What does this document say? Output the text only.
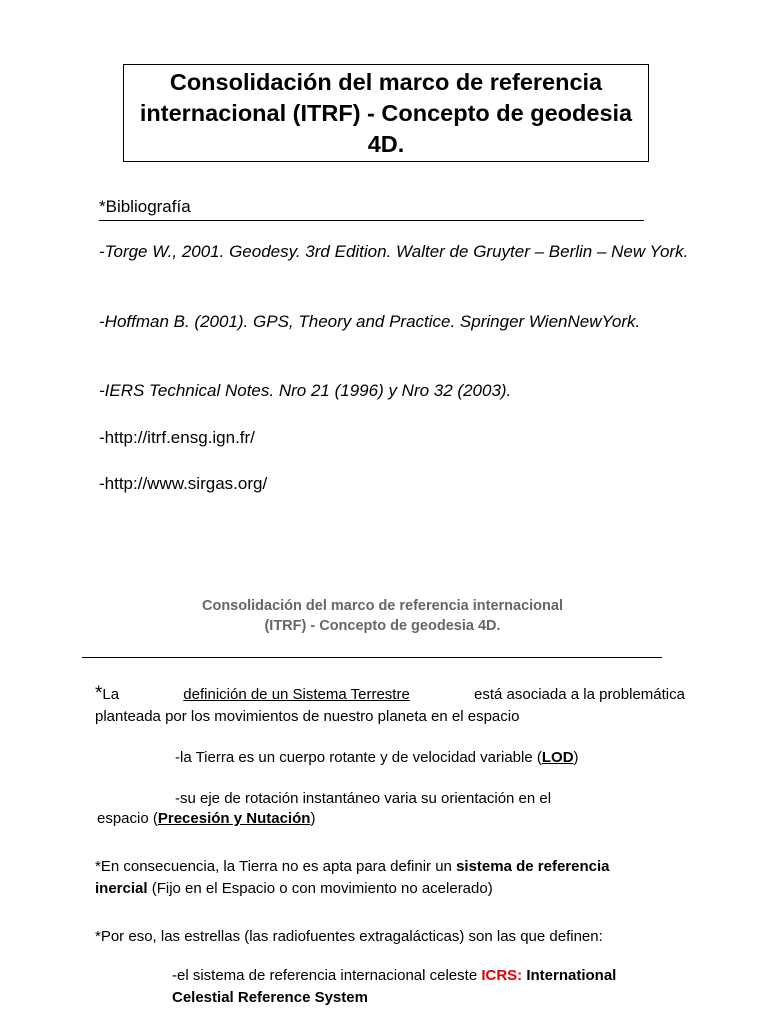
Consolidación del marco de referencia internacional (ITRF) - Concepto de geodesia 4D.
*Bibliografía
-Torge W., 2001. Geodesy. 3rd Edition. Walter de Gruyter – Berlin – New York.
-Hoffman B. (2001). GPS, Theory and Practice. Springer WienNewYork.
-IERS Technical Notes. Nro 21 (1996) y Nro 32 (2003).
-http://itrf.ensg.ign.fr/
-http://www.sirgas.org/
Consolidación del marco de referencia internacional
(ITRF) - Concepto de geodesia 4D.
*La	definición de un Sistema Terrestre	está asociada a la problemática
planteada por los movimientos de nuestro planeta en el espacio
-la Tierra es un cuerpo rotante y de velocidad variable (LOD)
-su eje de rotación instantáneo varia su orientación en el
espacio (Precesión y Nutación)
*En consecuencia, la Tierra no es apta para definir un sistema de referencia
inercial (Fijo en el Espacio o con movimiento no acelerado)
*Por eso, las estrellas (las radiofuentes extragalácticas) son las que definen:
-el sistema de referencia internacional celeste ICRS: International
Celestial Reference System
